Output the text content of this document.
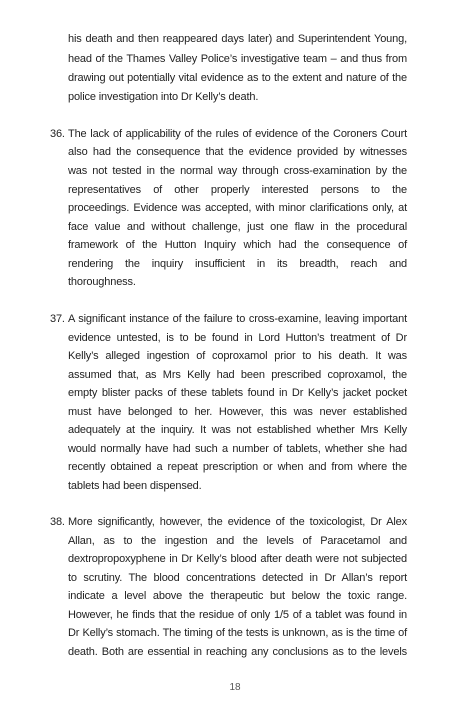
his death and then reappeared days later) and Superintendent Young,
head of the Thames Valley Police’s investigative team – and thus from
drawing out potentially vital evidence as to the extent and nature of the
police investigation into Dr Kelly’s death.
36. The lack of applicability of the rules of evidence of the Coroners Court
also had the consequence that the evidence provided by witnesses
was not tested in the normal way through cross-examination by the
representatives of other properly interested persons to the
proceedings. Evidence was accepted, with minor clarifications only, at
face value and without challenge, just one flaw in the procedural
framework of the Hutton Inquiry which had the consequence of
rendering the inquiry insufficient in its breadth, reach and
thoroughness.
37. A significant instance of the failure to cross-examine, leaving important
evidence untested, is to be found in Lord Hutton’s treatment of Dr
Kelly’s alleged ingestion of coproxamol prior to his death. It was
assumed that, as Mrs Kelly had been prescribed coproxamol, the
empty blister packs of these tablets found in Dr Kelly’s jacket pocket
must have belonged to her. However, this was never established
adequately at the inquiry. It was not established whether Mrs Kelly
would normally have had such a number of tablets, whether she had
recently obtained a repeat prescription or when and from where the
tablets had been dispensed.
38. More significantly, however, the evidence of the toxicologist, Dr Alex
Allan, as to the ingestion and the levels of Paracetamol and
dextropropoxyphene in Dr Kelly’s blood after death were not subjected
to scrutiny. The blood concentrations detected in Dr Allan’s report
indicate a level above the therapeutic but below the toxic range.
However, he finds that the residue of only 1/5 of a tablet was found in
Dr Kelly’s stomach. The timing of the tests is unknown, as is the time of
death. Both are essential in reaching any conclusions as to the levels
18
